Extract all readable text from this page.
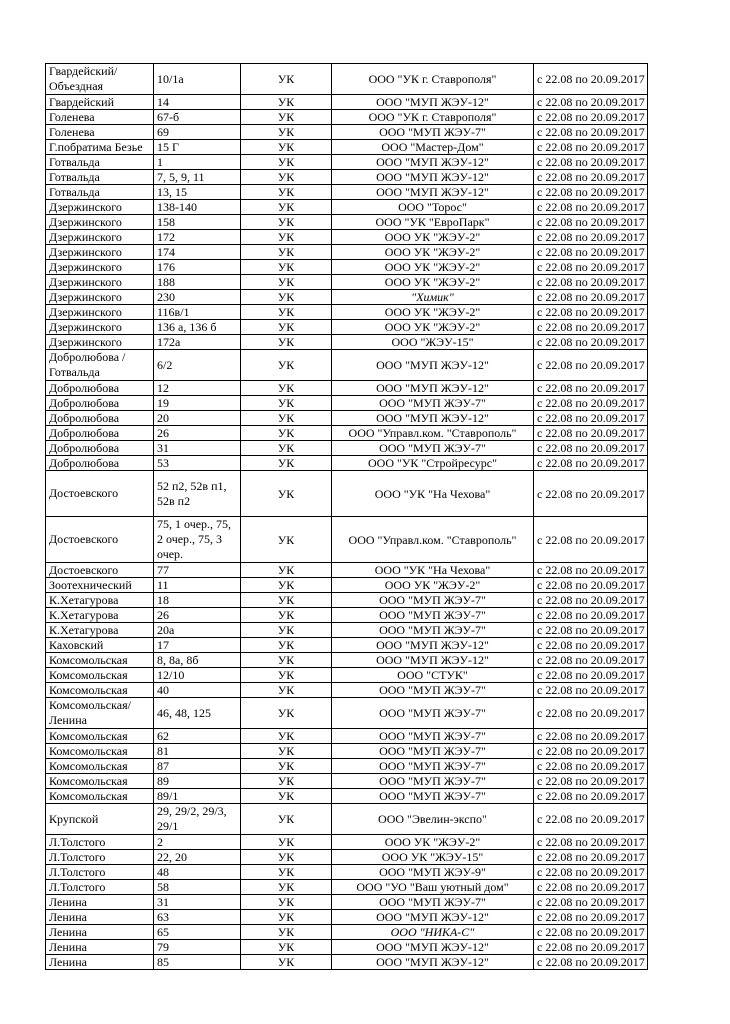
Гвардейский/ Объездная	10/1а	УК	ООО "УК г. Ставрополя"	с 22.08 по 20.09.2017
Гвардейский	14	УК	ООО "МУП ЖЭУ-12"	с 22.08 по 20.09.2017
Голенева	67-б	УК	ООО "УК г. Ставрополя"	с 22.08 по 20.09.2017
Голенева	69	УК	ООО "МУП ЖЭУ-7"	с 22.08 по 20.09.2017
Г.побратима Безье	15 Г	УК	ООО "Мастер-Дом"	с 22.08 по 20.09.2017
Готвальда	1	УК	ООО "МУП ЖЭУ-12"	с 22.08 по 20.09.2017
Готвальда	7, 5, 9, 11	УК	ООО "МУП ЖЭУ-12"	с 22.08 по 20.09.2017
Готвальда	13, 15	УК	ООО "МУП ЖЭУ-12"	с 22.08 по 20.09.2017
Дзержинского	138-140	УК	ООО "Торос"	с 22.08 по 20.09.2017
Дзержинского	158	УК	ООО "УК "ЕвроПарк"	с 22.08 по 20.09.2017
Дзержинского	172	УК	ООО УК "ЖЭУ-2"	с 22.08 по 20.09.2017
Дзержинского	174	УК	ООО УК "ЖЭУ-2"	с 22.08 по 20.09.2017
Дзержинского	176	УК	ООО УК "ЖЭУ-2"	с 22.08 по 20.09.2017
Дзержинского	188	УК	ООО УК "ЖЭУ-2"	с 22.08 по 20.09.2017
Дзержинского	230	УК	"Химик"	с 22.08 по 20.09.2017
Дзержинского	116в/1	УК	ООО УК "ЖЭУ-2"	с 22.08 по 20.09.2017
Дзержинского	136 а, 136 б	УК	ООО УК "ЖЭУ-2"	с 22.08 по 20.09.2017
Дзержинского	172а	УК	ООО "ЖЭУ-15"	с 22.08 по 20.09.2017
Добролюбова / Готвальда	6/2	УК	ООО "МУП ЖЭУ-12"	с 22.08 по 20.09.2017
Добролюбова	12	УК	ООО "МУП ЖЭУ-12"	с 22.08 по 20.09.2017
Добролюбова	19	УК	ООО "МУП ЖЭУ-7"	с 22.08 по 20.09.2017
Добролюбова	20	УК	ООО "МУП ЖЭУ-12"	с 22.08 по 20.09.2017
Добролюбова	26	УК	ООО "Управл.ком. "Ставрополь"	с 22.08 по 20.09.2017
Добролюбова	31	УК	ООО "МУП ЖЭУ-7"	с 22.08 по 20.09.2017
Добролюбова	53	УК	ООО "УК "Стройресурс"	с 22.08 по 20.09.2017
Достоевского	52 п2, 52в п1, 52в п2	УК	ООО "УК "На Чехова"	с 22.08 по 20.09.2017
Достоевского	75, 1 очер., 75, 2 очер., 75, 3 очер.	УК	ООО "Управл.ком. "Ставрополь"	с 22.08 по 20.09.2017
Достоевского	77	УК	ООО "УК "На Чехова"	с 22.08 по 20.09.2017
Зоотехнический	11	УК	ООО УК "ЖЭУ-2"	с 22.08 по 20.09.2017
К.Хетагурова	18	УК	ООО "МУП ЖЭУ-7"	с 22.08 по 20.09.2017
К.Хетагурова	26	УК	ООО "МУП ЖЭУ-7"	с 22.08 по 20.09.2017
К.Хетагурова	20а	УК	ООО "МУП ЖЭУ-7"	с 22.08 по 20.09.2017
Каховский	17	УК	ООО "МУП ЖЭУ-12"	с 22.08 по 20.09.2017
Комсомольская	8, 8а, 8б	УК	ООО "МУП ЖЭУ-12"	с 22.08 по 20.09.2017
Комсомольская	12/10	УК	ООО "СТУК"	с 22.08 по 20.09.2017
Комсомольская	40	УК	ООО "МУП ЖЭУ-7"	с 22.08 по 20.09.2017
Комсомольская/ Ленина	46, 48, 125	УК	ООО "МУП ЖЭУ-7"	с 22.08 по 20.09.2017
Комсомольская	62	УК	ООО "МУП ЖЭУ-7"	с 22.08 по 20.09.2017
Комсомольская	81	УК	ООО "МУП ЖЭУ-7"	с 22.08 по 20.09.2017
Комсомольская	87	УК	ООО "МУП ЖЭУ-7"	с 22.08 по 20.09.2017
Комсомольская	89	УК	ООО "МУП ЖЭУ-7"	с 22.08 по 20.09.2017
Комсомольская	89/1	УК	ООО "МУП ЖЭУ-7"	с 22.08 по 20.09.2017
Крупской	29, 29/2, 29/3, 29/1	УК	ООО "Эвелин-экспо"	с 22.08 по 20.09.2017
Л.Толстого	2	УК	ООО УК "ЖЭУ-2"	с 22.08 по 20.09.2017
Л.Толстого	22, 20	УК	ООО УК "ЖЭУ-15"	с 22.08 по 20.09.2017
Л.Толстого	48	УК	ООО "МУП ЖЭУ-9"	с 22.08 по 20.09.2017
Л.Толстого	58	УК	ООО "УО "Ваш уютный дом"	с 22.08 по 20.09.2017
Ленина	31	УК	ООО "МУП ЖЭУ-7"	с 22.08 по 20.09.2017
Ленина	63	УК	ООО "МУП ЖЭУ-12"	с 22.08 по 20.09.2017
Ленина	65	УК	ООО "НИКА-С"	с 22.08 по 20.09.2017
Ленина	79	УК	ООО "МУП ЖЭУ-12"	с 22.08 по 20.09.2017
Ленина	85	УК	ООО "МУП ЖЭУ-12"	с 22.08 по 20.09.2017
